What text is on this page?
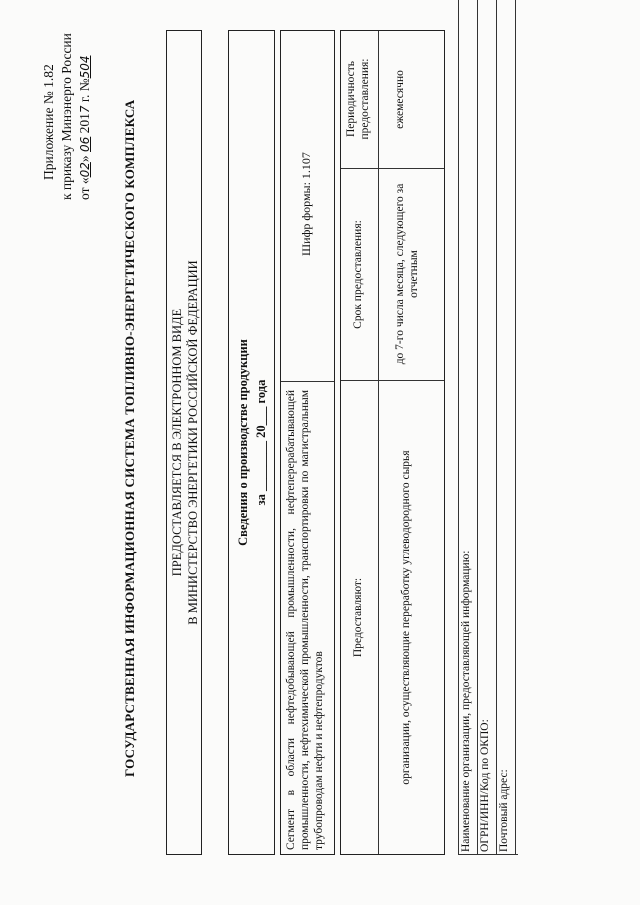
Приложение № 1.82 к приказу Минэнерго России от «02» 06 2017 г. №504
ГОСУДАРСТВЕННАЯ ИНФОРМАЦИОННАЯ СИСТЕМА ТОПЛИВНО-ЭНЕРГЕТИЧЕСКОГО КОМПЛЕКСА	ПРЕДОСТАВЛЯЕТСЯ В ЭЛЕКТРОННОМ ВИДЕ В МИНИСТЕРСТВО ЭНЕРГЕТИКИ РОССИЙСКОЙ ФЕДЕРАЦИИ	Сведения о производстве продукции за ________ 20___ года Сегмент в области нефтедобывающей промышленности, нефтеперерабатывающей промышленности, нефтехимической промышленности, транспортировки по магистральным трубопроводам нефти и нефтепродуктов
Шифр формы: 1.107
Предоставляют:
Срок предоставления:
Периодичность предоставления:
организации, осуществляющие переработку углеводородного сырья
до 7-го числа месяца, следующего за отчетным
ежемесячно
Наименование организации, предоставляющей информацию: ОГРН/ИНН/Код по ОКПО: Почтовый адрес:
